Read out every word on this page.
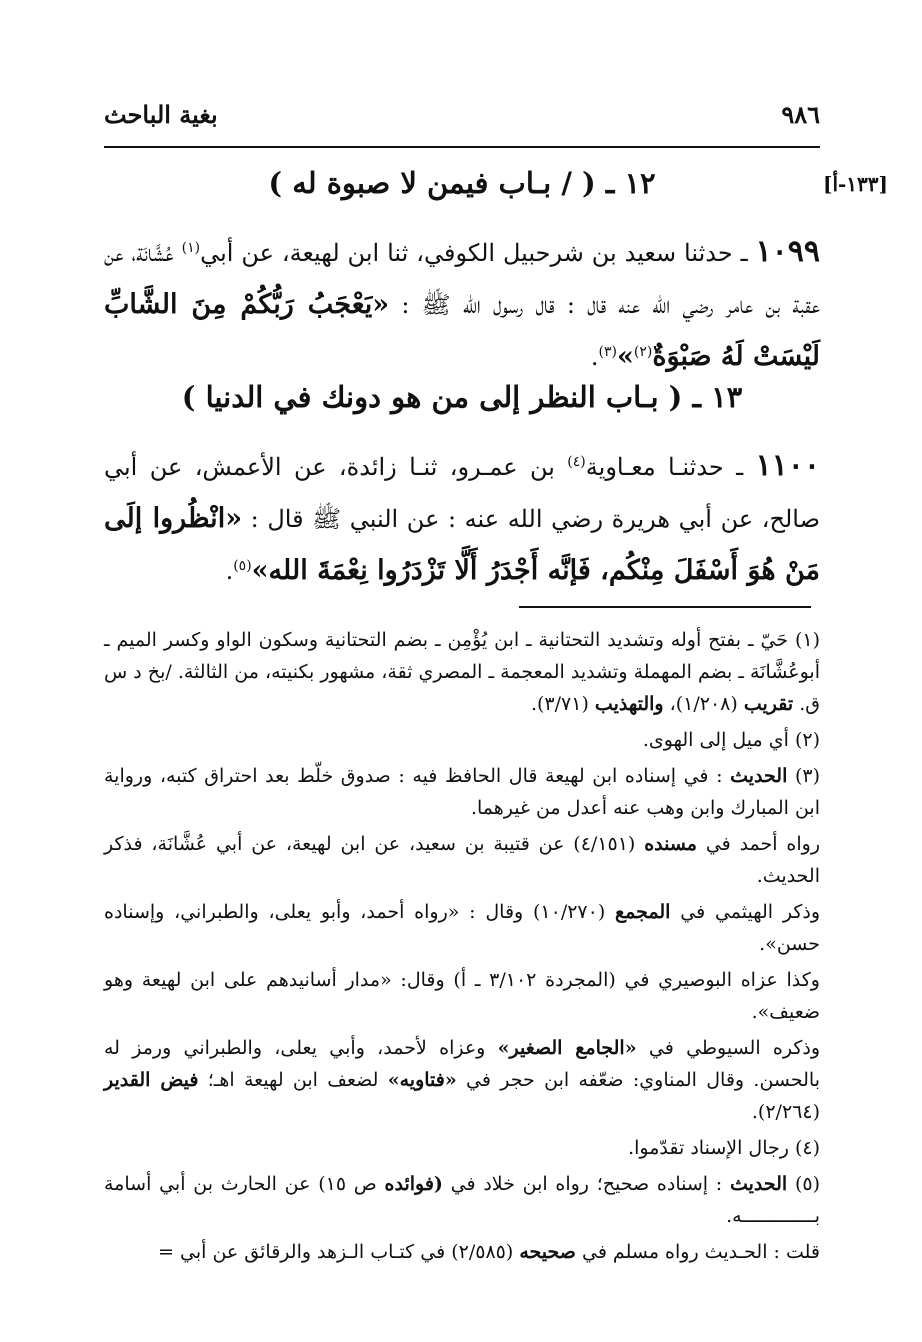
بغية الباحث	٩٨٦
[١٣٣-أ]
١٢ ـ ( / بـاب فيمن لا صبوة له )
١٠٩٩ ـ حدثنا سعيد بن شرحبيل الكوفي، ثنا ابن لهيعة، عن أبي$^{(١)}$ عُشَّانَة، عن عقبة بن عامر رضي الله عنه قال : قال رسول الله ﷺ : «يَعْجَبُ رَبُّكُمْ مِنَ الشَّابِّ لَيْسَتْ لَهُ صَبْوَةٌ$^{(٢)}$»$^{(٣)}$.
١٣ ـ ( بـاب النظر إلى من هو دونك في الدنيا )
١١٠٠ ـ حدثنـا معـاوية$^{(٤)}$ بن عمـرو، ثنـا زائدة، عن الأعمش، عن أبي صالح، عن أبي هريرة رضي الله عنه : عن النبي ﷺ قال : «انْظُروا إلَى مَنْ هُوَ أَسْفَلَ مِنْكُم، فَإنَّه أَجْدَرُ أَلَّا تَزْدَرُوا نِعْمَةَ الله»$^{(٥)}$.

(١) حَيّ ـ بفتح أوله وتشديد التحتانية ـ ابن يُؤْمِن ـ بضم التحتانية وسكون الواو وكسر الميم ـ أبوعُشَّانَة ـ بضم المهملة وتشديد المعجمة ـ المصري ثقة، مشهور بكنيته، من الثالثة. /بخ د س ق. تقريب (١/٢٠٨)، والتهذيب (٣/٧١).

(٢) أي ميل إلى الهوى.

(٣) الحديث : في إسناده ابن لهيعة قال الحافظ فيه : صدوق خلّط بعد احتراق كتبه، ورواية ابن المبارك وابن وهب عنه أعدل من غيرهما.

رواه أحمد في مسنده (٤/١٥١) عن قتيبة بن سعيد، عن ابن لهيعة، عن أبي عُشَّانَة، فذكر الحديث.

وذكر الهيثمي في المجمع (١٠/٢٧٠) وقال : «رواه أحمد، وأبو يعلى، والطبراني، وإسناده حسن».

وكذا عزاه البوصيري في (المجردة ٣/١٠٢ ـ أ) وقال: «مدار أسانيدهم على ابن لهيعة وهو ضعيف».

وذكره السيوطي في «الجامع الصغير» وعزاه لأحمد، وأبي يعلى، والطبراني ورمز له بالحسن. وقال المناوي: ضعّفه ابن حجر في «فتاويه» لضعف ابن لهيعة اهـ؛ فيض القدير (٢/٢٦٤).

(٤) رجال الإسناد تقدّموا.

(٥) الحديث : إسناده صحيح؛ رواه ابن خلاد في (فوائده ص ١٥) عن الحارث بن أبي أسامة بـــــــــــــه.

قلت : الحـديث رواه مسلم في صحيحه (٢/٥٨٥) في كتـاب الـزهد والرقائق عن أبي =
